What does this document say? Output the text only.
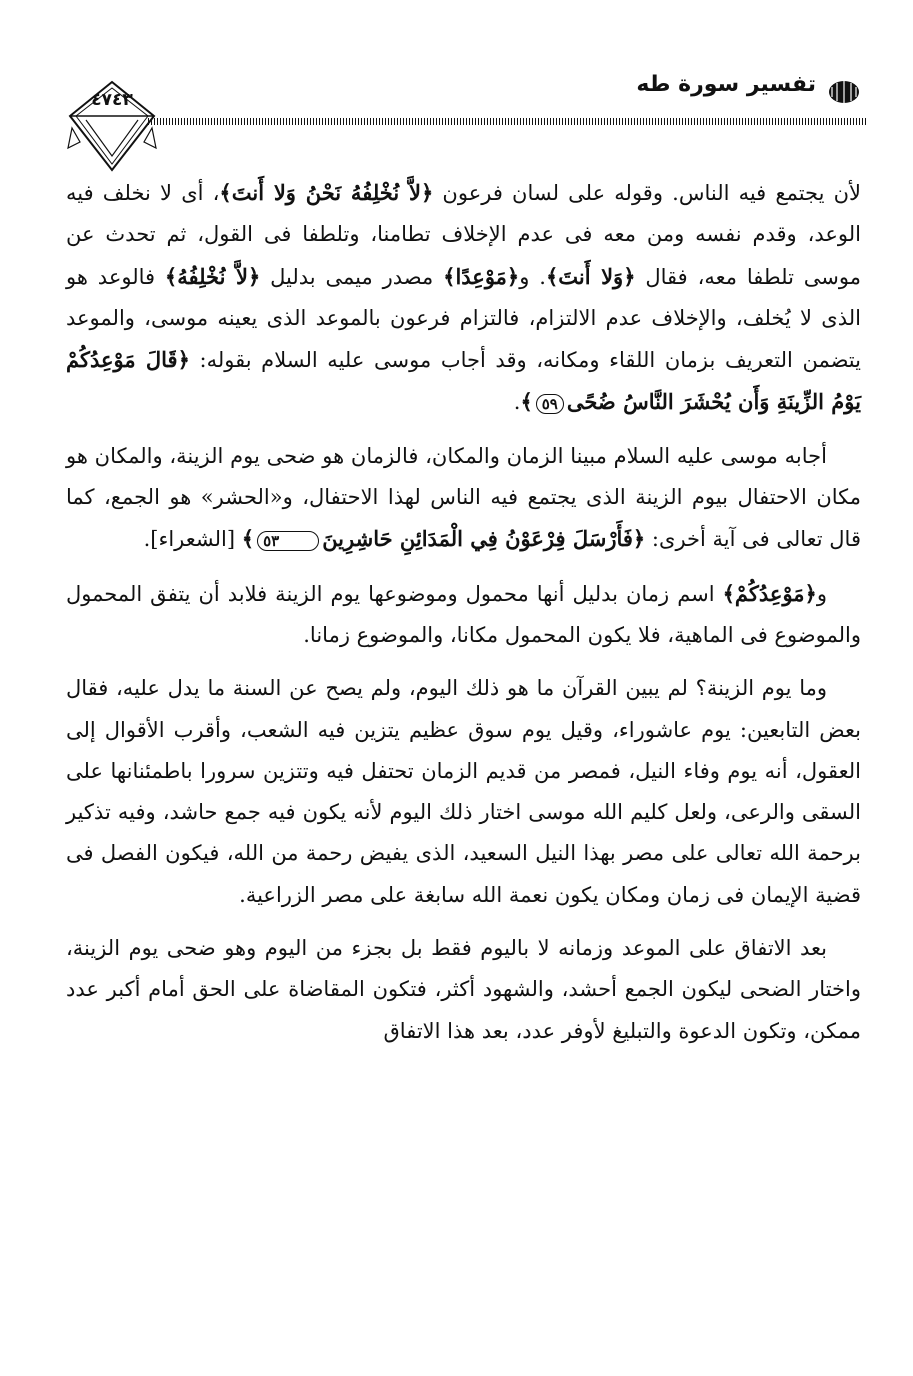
تفسير سورة طه
٤٧٤٣

لأن يجتمع فيه الناس. وقوله على لسان فرعون ﴿لاَّ نُخْلِفُهُ نَحْنُ وَلا أَنتَ﴾، أى لا نخلف فيه الوعد، وقدم نفسه ومن معه فى عدم الإخلاف تطامنا، وتلطفا فى القول، ثم تحدث عن موسى تلطفا معه، فقال ﴿وَلا أَنتَ﴾. و﴿مَوْعِدًا﴾ مصدر ميمى بدليل ﴿لاَّ نُخْلِفُهُ﴾ فالوعد هو الذى لا يُخلف، والإخلاف عدم الالتزام، فالتزام فرعون بالموعد الذى يعينه موسى، والموعد يتضمن التعريف بزمان اللقاء ومكانه، وقد أجاب موسى عليه السلام بقوله: ﴿قَالَ مَوْعِدُكُمْ يَوْمُ الزِّينَةِ وَأَن يُحْشَرَ النَّاسُ ضُحًى٥٩﴾.

أجابه موسى عليه السلام مبينا الزمان والمكان، فالزمان هو ضحى يوم الزينة، والمكان هو مكان الاحتفال بيوم الزينة الذى يجتمع فيه الناس لهذا الاحتفال، و«الحشر» هو الجمع، كما قال تعالى فى آية أخرى: ﴿فَأَرْسَلَ فِرْعَوْنُ فِي الْمَدَائِنِ حَاشِرِينَ٥٣﴾ [الشعراء].

و﴿مَوْعِدُكُمْ﴾ اسم زمان بدليل أنها محمول وموضوعها يوم الزينة فلابد أن يتفق المحمول والموضوع فى الماهية، فلا يكون المحمول مكانا، والموضوع زمانا.

وما يوم الزينة؟ لم يبين القرآن ما هو ذلك اليوم، ولم يصح عن السنة ما يدل عليه، فقال بعض التابعين: يوم عاشوراء، وقيل يوم سوق عظيم يتزين فيه الشعب، وأقرب الأقوال إلى العقول، أنه يوم وفاء النيل، فمصر من قديم الزمان تحتفل فيه وتتزين سرورا باطمئنانها على السقى والرعى، ولعل كليم الله موسى اختار ذلك اليوم لأنه يكون فيه جمع حاشد، وفيه تذكير برحمة الله تعالى على مصر بهذا النيل السعيد، الذى يفيض رحمة من الله، فيكون الفصل فى قضية الإيمان فى زمان ومكان يكون نعمة الله سابغة على مصر الزراعية.

بعد الاتفاق على الموعد وزمانه لا باليوم فقط بل بجزء من اليوم وهو ضحى يوم الزينة، واختار الضحى ليكون الجمع أحشد، والشهود أكثر، فتكون المقاضاة على الحق أمام أكبر عدد ممكن، وتكون الدعوة والتبليغ لأوفر عدد، بعد هذا الاتفاق
